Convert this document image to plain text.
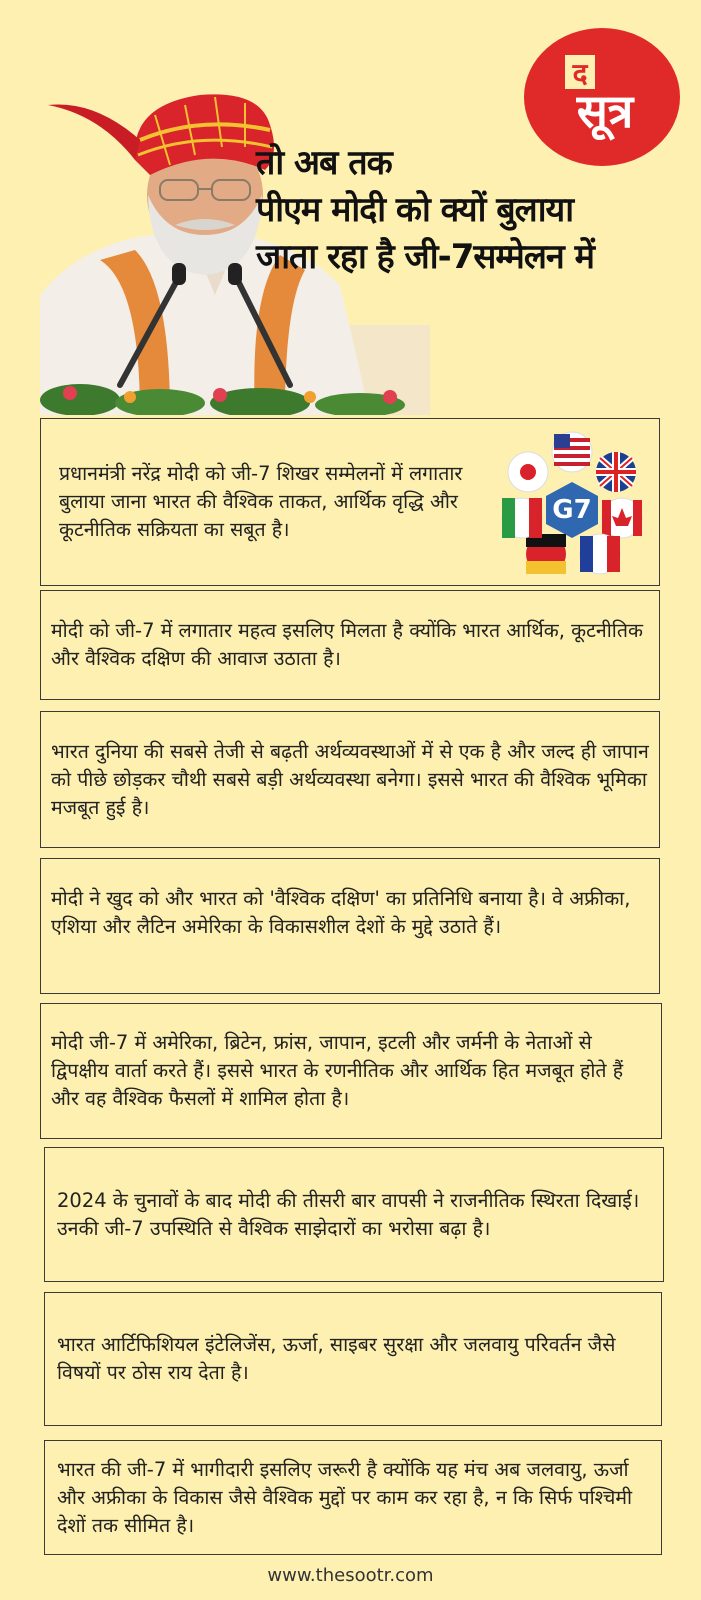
द
सूत्र
तो अब तक
पीएम मोदी को क्यों बुलाया
जाता रहा है जी-7सम्मेलन में

प्रधानमंत्री नरेंद्र मोदी को जी-7 शिखर सम्मेलनों में लगातार बुलाया जाना भारत की वैश्विक ताकत, आर्थिक वृद्धि और कूटनीतिक सक्रियता का सबूत है।

G7

मोदी को जी-7 में लगातार महत्व इसलिए मिलता है क्योंकि भारत आर्थिक, कूटनीतिक और वैश्विक दक्षिण की आवाज उठाता है।

भारत दुनिया की सबसे तेजी से बढ़ती अर्थव्यवस्थाओं में से एक है और जल्द ही जापान को पीछे छोड़कर चौथी सबसे बड़ी अर्थव्यवस्था बनेगा। इससे भारत की वैश्विक भूमिका मजबूत हुई है।

मोदी ने खुद को और भारत को 'वैश्विक दक्षिण' का प्रतिनिधि बनाया है। वे अफ्रीका, एशिया और लैटिन अमेरिका के विकासशील देशों के मुद्दे उठाते हैं।

मोदी जी-7 में अमेरिका, ब्रिटेन, फ्रांस, जापान, इटली और जर्मनी के नेताओं से द्विपक्षीय वार्ता करते हैं। इससे भारत के रणनीतिक और आर्थिक हित मजबूत होते हैं और वह वैश्विक फैसलों में शामिल होता है।

2024 के चुनावों के बाद मोदी की तीसरी बार वापसी ने राजनीतिक स्थिरता दिखाई। उनकी जी-7 उपस्थिति से वैश्विक साझेदारों का भरोसा बढ़ा है।

भारत आर्टिफिशियल इंटेलिजेंस, ऊर्जा, साइबर सुरक्षा और जलवायु परिवर्तन जैसे विषयों पर ठोस राय देता है।

भारत की जी-7 में भागीदारी इसलिए जरूरी है क्योंकि यह मंच अब जलवायु, ऊर्जा और अफ्रीका के विकास जैसे वैश्विक मुद्दों पर काम कर रहा है, न कि सिर्फ पश्चिमी देशों तक सीमित है।

www.thesootr.com
